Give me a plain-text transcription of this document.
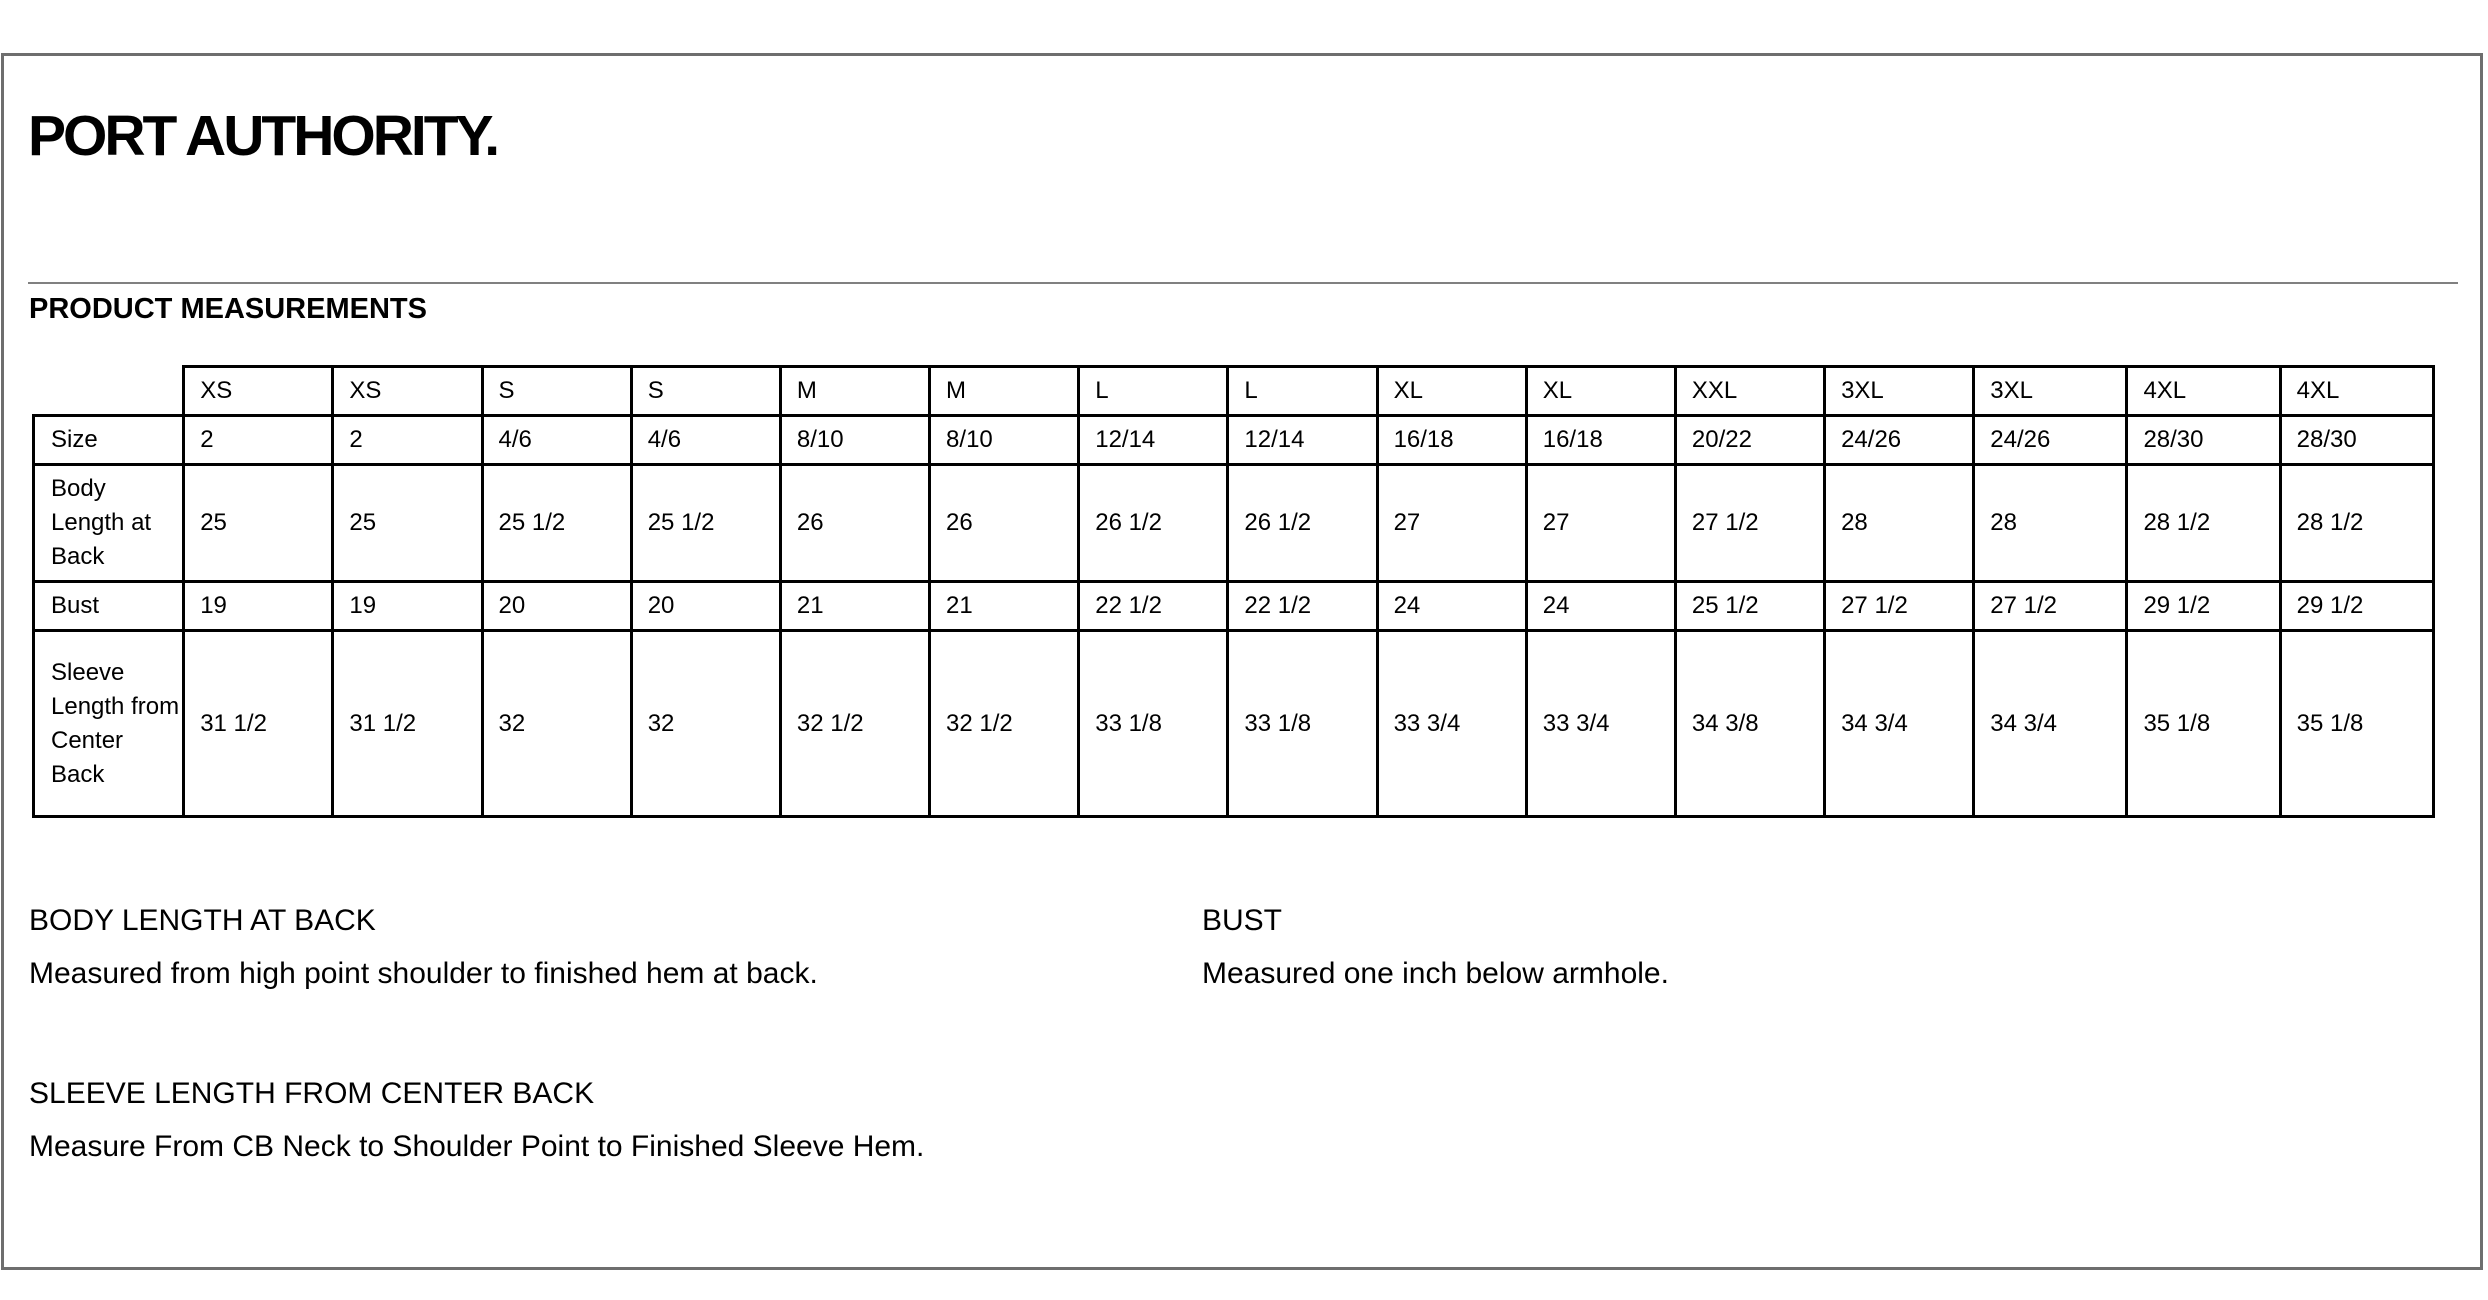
PORT AUTHORITY.
PRODUCT MEASUREMENTS
	XS	XS	S	S	M	M	L	L	XL	XL	XXL	3XL	3XL	4XL	4XL
Size	2	2	4/6	4/6	8/10	8/10	12/14	12/14	16/18	16/18	20/22	24/26	24/26	28/30	28/30
Body Length at Back	25	25	25 1/2	25 1/2	26	26	26 1/2	26 1/2	27	27	27 1/2	28	28	28 1/2	28 1/2
Bust	19	19	20	20	21	21	22 1/2	22 1/2	24	24	25 1/2	27 1/2	27 1/2	29 1/2	29 1/2
Sleeve Length from Center Back	31 1/2	31 1/2	32	32	32 1/2	32 1/2	33 1/8	33 1/8	33 3/4	33 3/4	34 3/8	34 3/4	34 3/4	35 1/8	35 1/8
BODY LENGTH AT BACK
Measured from high point shoulder to finished hem at back.
BUST
Measured one inch below armhole.
SLEEVE LENGTH FROM CENTER BACK
Measure From CB Neck to Shoulder Point to Finished Sleeve Hem.
